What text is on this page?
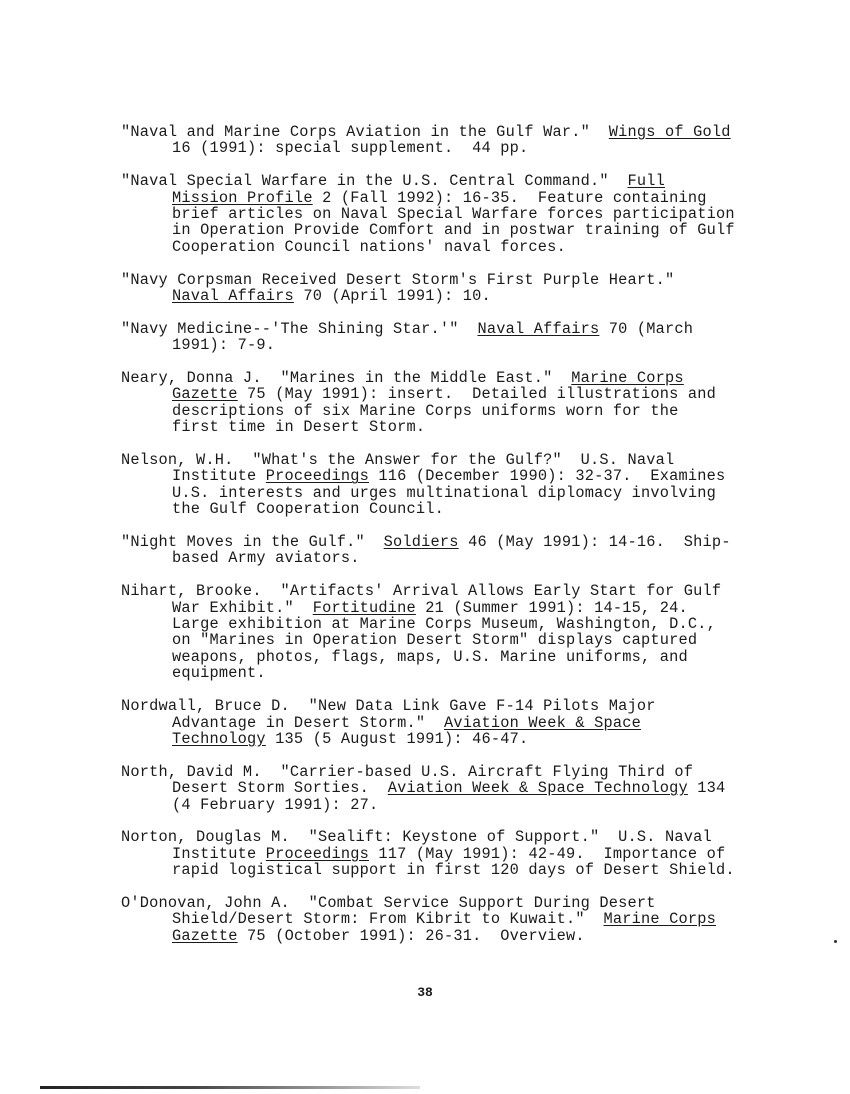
"Naval and Marine Corps Aviation in the Gulf War."  Wings of Gold
16 (1991): special supplement.  44 pp.
"Naval Special Warfare in the U.S. Central Command."  Full
Mission Profile 2 (Fall 1992): 16-35.  Feature containing
brief articles on Naval Special Warfare forces participation
in Operation Provide Comfort and in postwar training of Gulf
Cooperation Council nations' naval forces.
"Navy Corpsman Received Desert Storm's First Purple Heart."
Naval Affairs 70 (April 1991): 10.
"Navy Medicine--'The Shining Star.'"  Naval Affairs 70 (March
1991): 7-9.
Neary, Donna J.  "Marines in the Middle East."  Marine Corps
Gazette 75 (May 1991): insert.  Detailed illustrations and
descriptions of six Marine Corps uniforms worn for the
first time in Desert Storm.
Nelson, W.H.  "What's the Answer for the Gulf?"  U.S. Naval
Institute Proceedings 116 (December 1990): 32-37.  Examines
U.S. interests and urges multinational diplomacy involving
the Gulf Cooperation Council.
"Night Moves in the Gulf."  Soldiers 46 (May 1991): 14-16.  Ship-
based Army aviators.
Nihart, Brooke.  "Artifacts' Arrival Allows Early Start for Gulf
War Exhibit."  Fortitudine 21 (Summer 1991): 14-15, 24.
Large exhibition at Marine Corps Museum, Washington, D.C.,
on "Marines in Operation Desert Storm" displays captured
weapons, photos, flags, maps, U.S. Marine uniforms, and
equipment.
Nordwall, Bruce D.  "New Data Link Gave F-14 Pilots Major
Advantage in Desert Storm."  Aviation Week & Space
Technology 135 (5 August 1991): 46-47.
North, David M.  "Carrier-based U.S. Aircraft Flying Third of
Desert Storm Sorties.  Aviation Week & Space Technology 134
(4 February 1991): 27.
Norton, Douglas M.  "Sealift: Keystone of Support."  U.S. Naval
Institute Proceedings 117 (May 1991): 42-49.  Importance of
rapid logistical support in first 120 days of Desert Shield.
O'Donovan, John A.  "Combat Service Support During Desert
Shield/Desert Storm: From Kibrit to Kuwait."  Marine Corps
Gazette 75 (October 1991): 26-31.  Overview.
38
